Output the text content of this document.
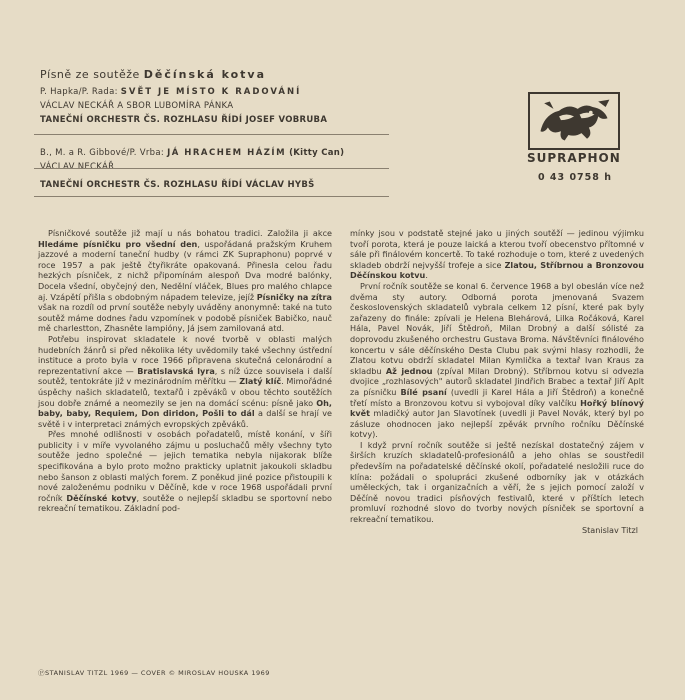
Písně ze soutěže Děčínská kotva
P. Hapka/P. Rada: SVĚT JE MÍSTO K RADOVÁNÍ
VÁCLAV NECKÁŘ A SBOR LUBOMÍRA PÁNKA
TANEČNÍ ORCHESTR ČS. ROZHLASU ŘÍDÍ JOSEF VOBRUBA
B., M. a R. Gibbové/P. Vrba: JÁ HRACHEM HÁZÍM (Kitty Can)
VÁCLAV NECKÁŘ
TANEČNÍ ORCHESTR ČS. ROZHLASU ŘÍDÍ VÁCLAV HYBŠ
SUPRAPHON
0 43 0758 h

Písničkové soutěže již mají u nás bohatou tradici. Založila ji akce Hledáme písničku pro všední den, uspořádaná pražským Kruhem jazzové a moderní taneční hudby (v rámci ZK Supraphonu) poprvé v roce 1957 a pak ještě čtyřikráte opakovaná. Přinesla celou řadu hezkých písniček, z nichž připomínám alespoň Dva modré balónky, Docela všední, obyčejný den, Nedělní vláček, Blues pro malého chlapce aj. Vzápětí přišla s obdobným nápadem televize, jejíž Písničky na zítra však na rozdíl od první soutěže nebyly uváděny anonymně: také na tuto soutěž máme dodnes řadu vzpomínek v podobě písniček Babičko, nauč mě charlestton, Zhasněte lampióny, Já jsem zamilovaná atd.

Potřebu inspirovat skladatele k nové tvorbě v oblasti malých hudebních žánrů si před několika léty uvědomily také všechny ústřední instituce a proto byla v roce 1966 připravena skutečná celonárodní a reprezentativní akce — Bratislavská lyra, s níž úzce souvisela i další soutěž, tentokráte již v mezinárodním měřítku — Zlatý klíč. Mimořádné úspěchy našich skladatelů, textařů i zpěváků v obou těchto soutěžích jsou dobře známé a neomezily se jen na domácí scénu: písně jako Oh, baby, baby, Requiem, Don diridon, Pošli to dál a další se hrají ve světě i v interpretaci známých evropských zpěváků.

Přes mnohé odlišnosti v osobách pořadatelů, místě konání, v šíři publicity i v míře vyvolaného zájmu u posluchačů měly všechny tyto soutěže jedno společné — jejich tematika nebyla nijakorak blíže specifikována a bylo proto možno prakticky uplatnit jakoukoli skladbu nebo šanson z oblasti malých forem. Z poněkud jiné pozice přistoupili k nové založenému podniku v Děčíně, kde v roce 1968 uspořádali první ročník Děčínské kotvy, soutěže o nejlepší skladbu se sportovní nebo rekreační tematikou. Základní pod-

mínky jsou v podstatě stejné jako u jiných soutěží — jedinou výjimku tvoří porota, která je pouze laická a kterou tvoří obecenstvo přítomné v sále při finálovém koncertě. To také rozhoduje o tom, které z uvedených skladeb obdrží nejvyšší trofeje a sice Zlatou, Stříbrnou a Bronzovou Děčínskou kotvu.

První ročník soutěže se konal 6. července 1968 a byl obeslán více než dvěma sty autory. Odborná porota jmenovaná Svazem československých skladatelů vybrala celkem 12 písní, které pak byly zařazeny do finále: zpívali je Helena Blehárová, Lilka Ročáková, Karel Hála, Pavel Novák, Jiří Štědroň, Milan Drobný a další sólisté za doprovodu zkušeného orchestru Gustava Broma. Návštěvníci finálového koncertu v sále děčínského Desta Clubu pak svými hlasy rozhodli, že Zlatou kotvu obdrží skladatel Milan Kymlička a textař Ivan Kraus za skladbu Až jednou (zpíval Milan Drobný). Stříbrnou kotvu si odvezla dvojice „rozhlasových" autorů skladatel Jindřich Brabec a textař Jiří Aplt za písničku Bílé psaní (uvedli ji Karel Hála a Jiří Štědroň) a konečně třetí místo a Bronzovou kotvu si vybojoval díky valčíku Hořký blínový květ mladičký autor Jan Slavotínek (uvedli ji Pavel Novák, který byl po zásluze ohodnocen jako nejlepší zpěvák prvního ročníku Děčínské kotvy).

I když první ročník soutěže si ještě nezískal dostatečný zájem v širších kruzích skladatelů-profesionálů a jeho ohlas se soustředil především na pořadatelské děčínské okolí, pořadatelé nesložili ruce do klína: požádali o spolupráci zkušené odborníky jak v otázkách uměleckých, tak i organizačních a věří, že s jejich pomocí založí v Děčíně novou tradici písňových festivalů, které v příštích letech promluví rozhodné slovo do tvorby nových písniček se sportovní a rekreační tematikou.

Stanislav Titzl
ⓅSTANISLAV TITZL 1969 — COVER © MIROSLAV HOUSKA 1969
